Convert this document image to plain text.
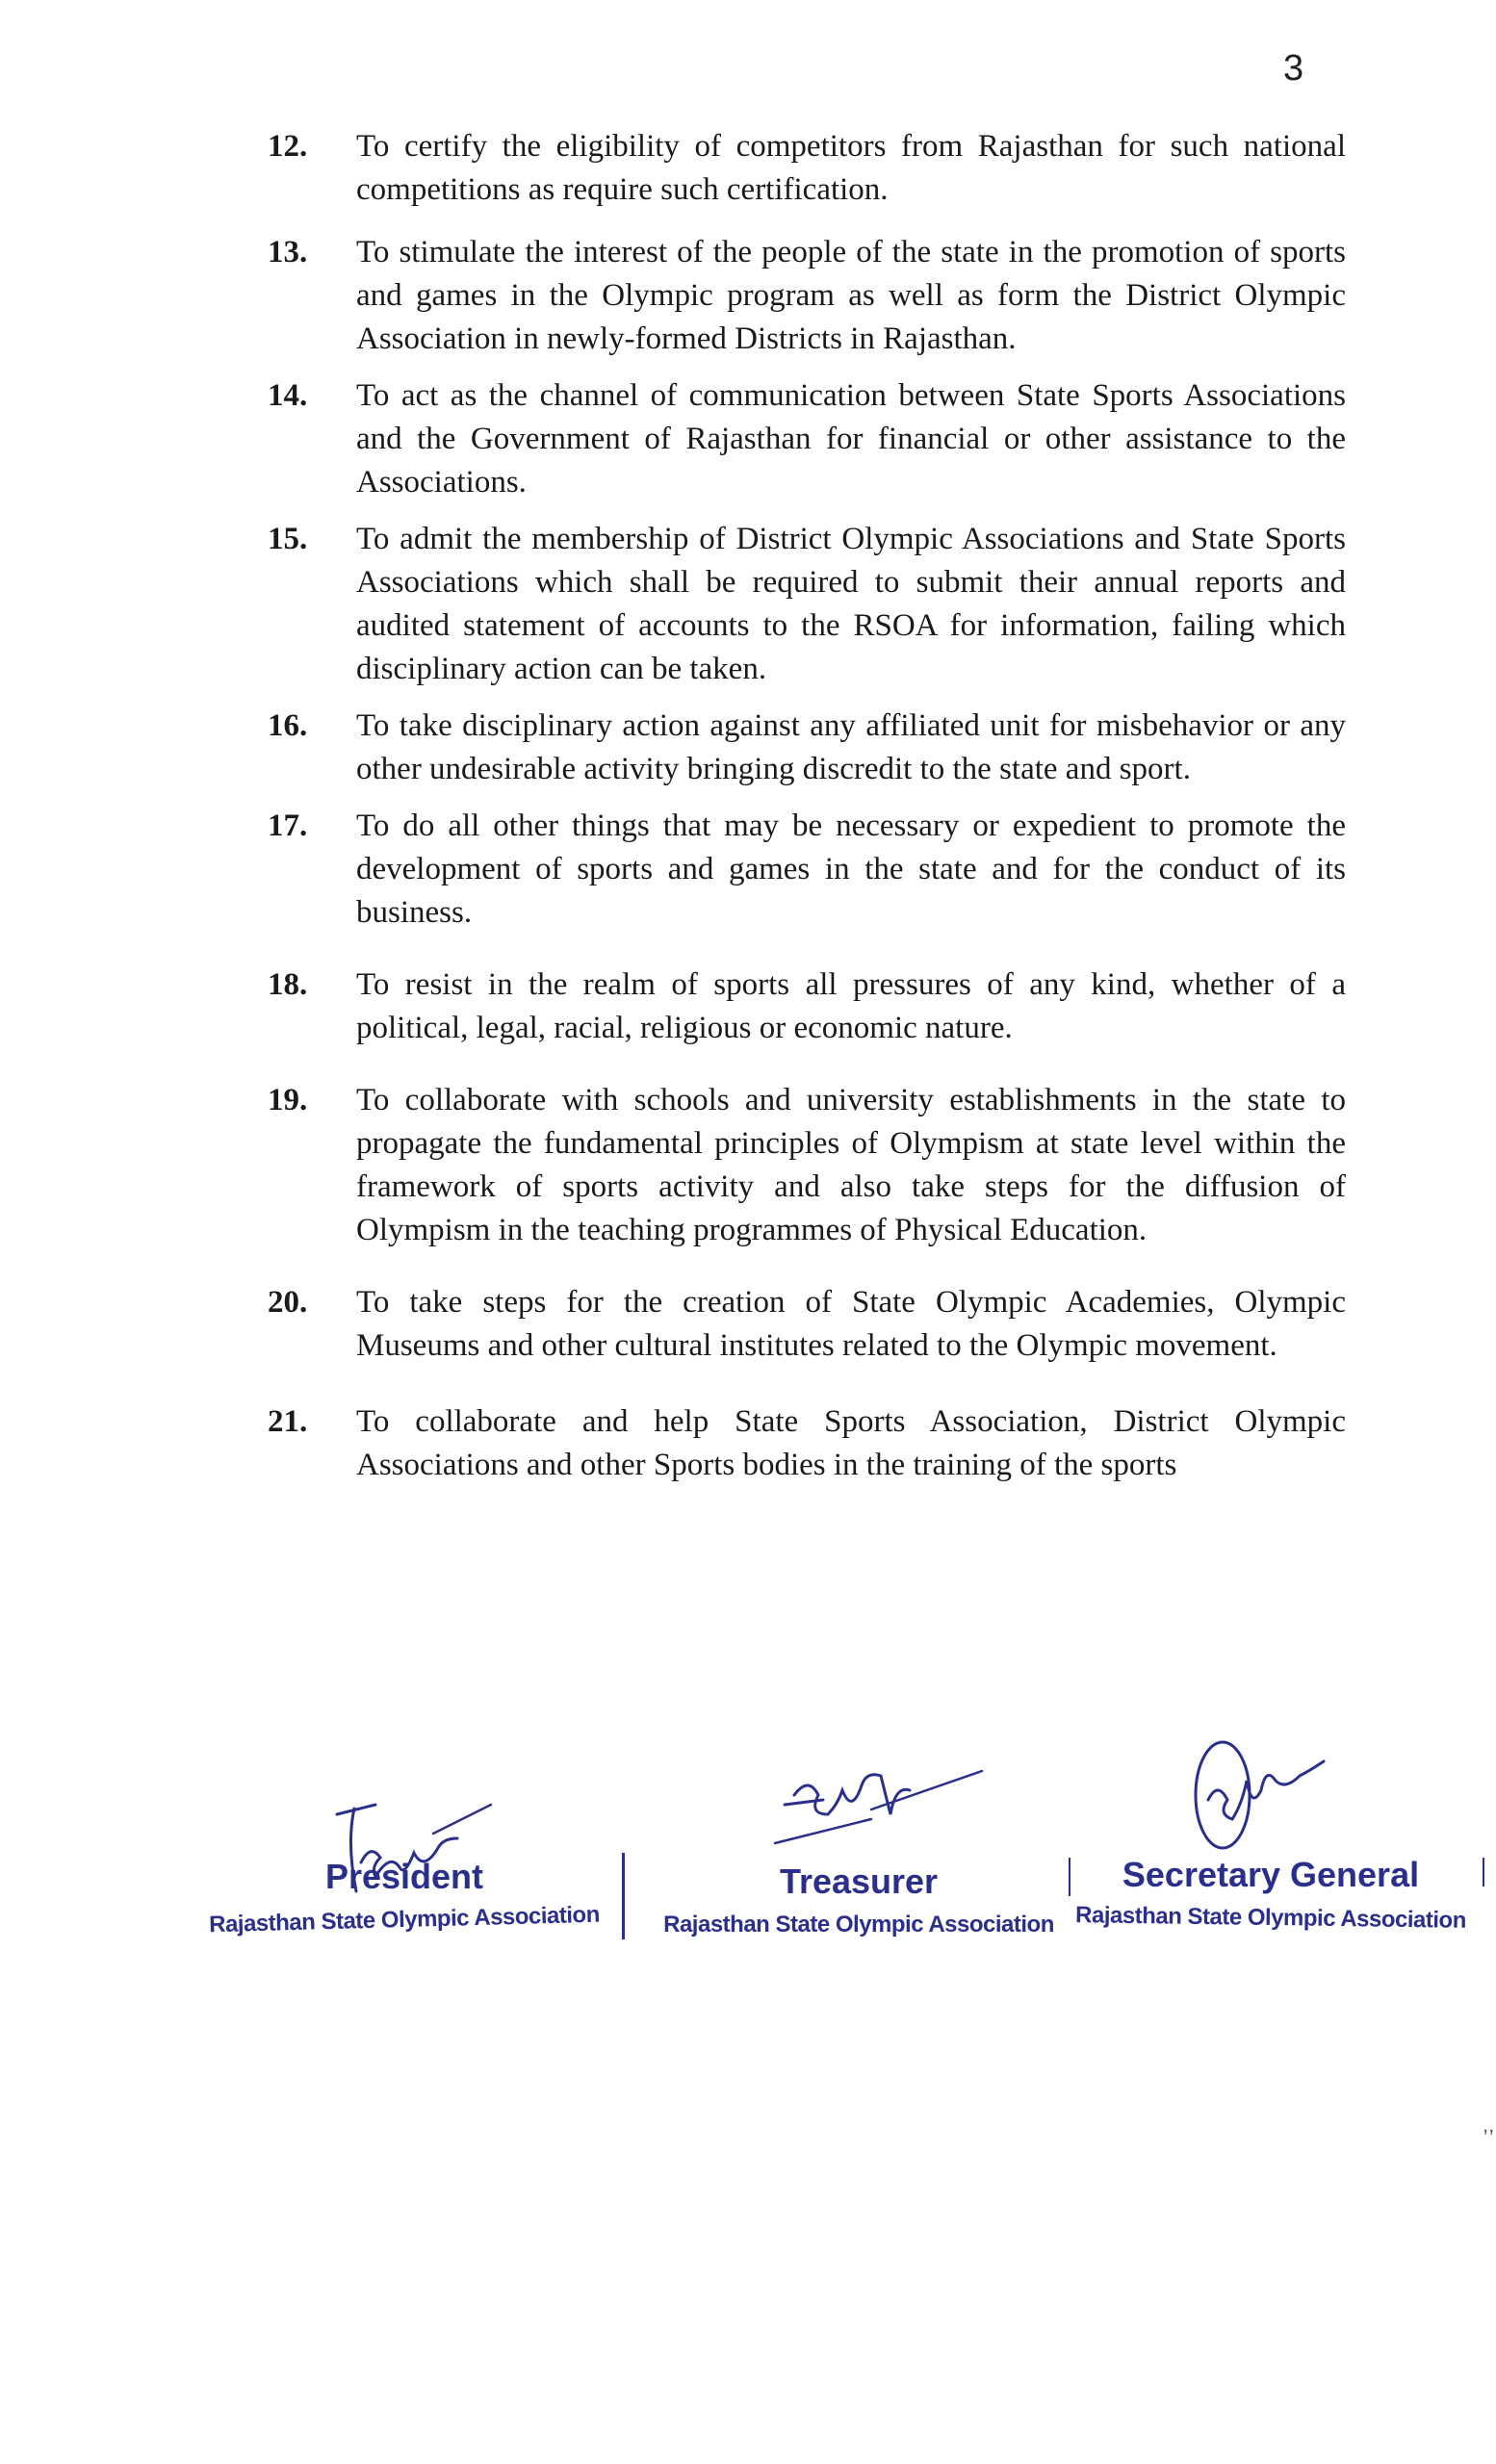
3
12.	To certify the eligibility of competitors from Rajasthan for such national competitions as require such certification.
13.	To stimulate the interest of the people of the state in the promotion of sports and games in the Olympic program as well as form the District Olympic Association in newly-formed Districts in Rajasthan.
14.	To act as the channel of communication between State Sports Associations and the Government of Rajasthan for financial or other assistance to the Associations.
15.	To admit the membership of District Olympic Associations and State Sports Associations which shall be required to submit their annual reports and audited statement of accounts to the RSOA for information, failing which disciplinary action can be taken.
16.	To take disciplinary action against any affiliated unit for misbehavior or any other undesirable activity bringing discredit to the state and sport.
17.	To do all other things that may be necessary or expedient to promote the development of sports and games in the state and for the conduct of its business.
18.	To resist in the realm of sports all pressures of any kind, whether of a political, legal, racial, religious or economic nature.
19.	To collaborate with schools and university establishments in the state to propagate the fundamental principles of Olympism at state level within the framework of sports activity and also take steps for the diffusion of Olympism in the teaching programmes of Physical Education.
20.	To take steps for the creation of State Olympic Academies, Olympic Museums and other cultural institutes related to the Olympic movement.
21.	To collaborate and help State Sports Association, District Olympic Associations and other Sports bodies in the training of the sports
President
Rajasthan State Olympic Association
Treasurer
Rajasthan State Olympic Association
Secretary General
Rajasthan State Olympic Association
,,
